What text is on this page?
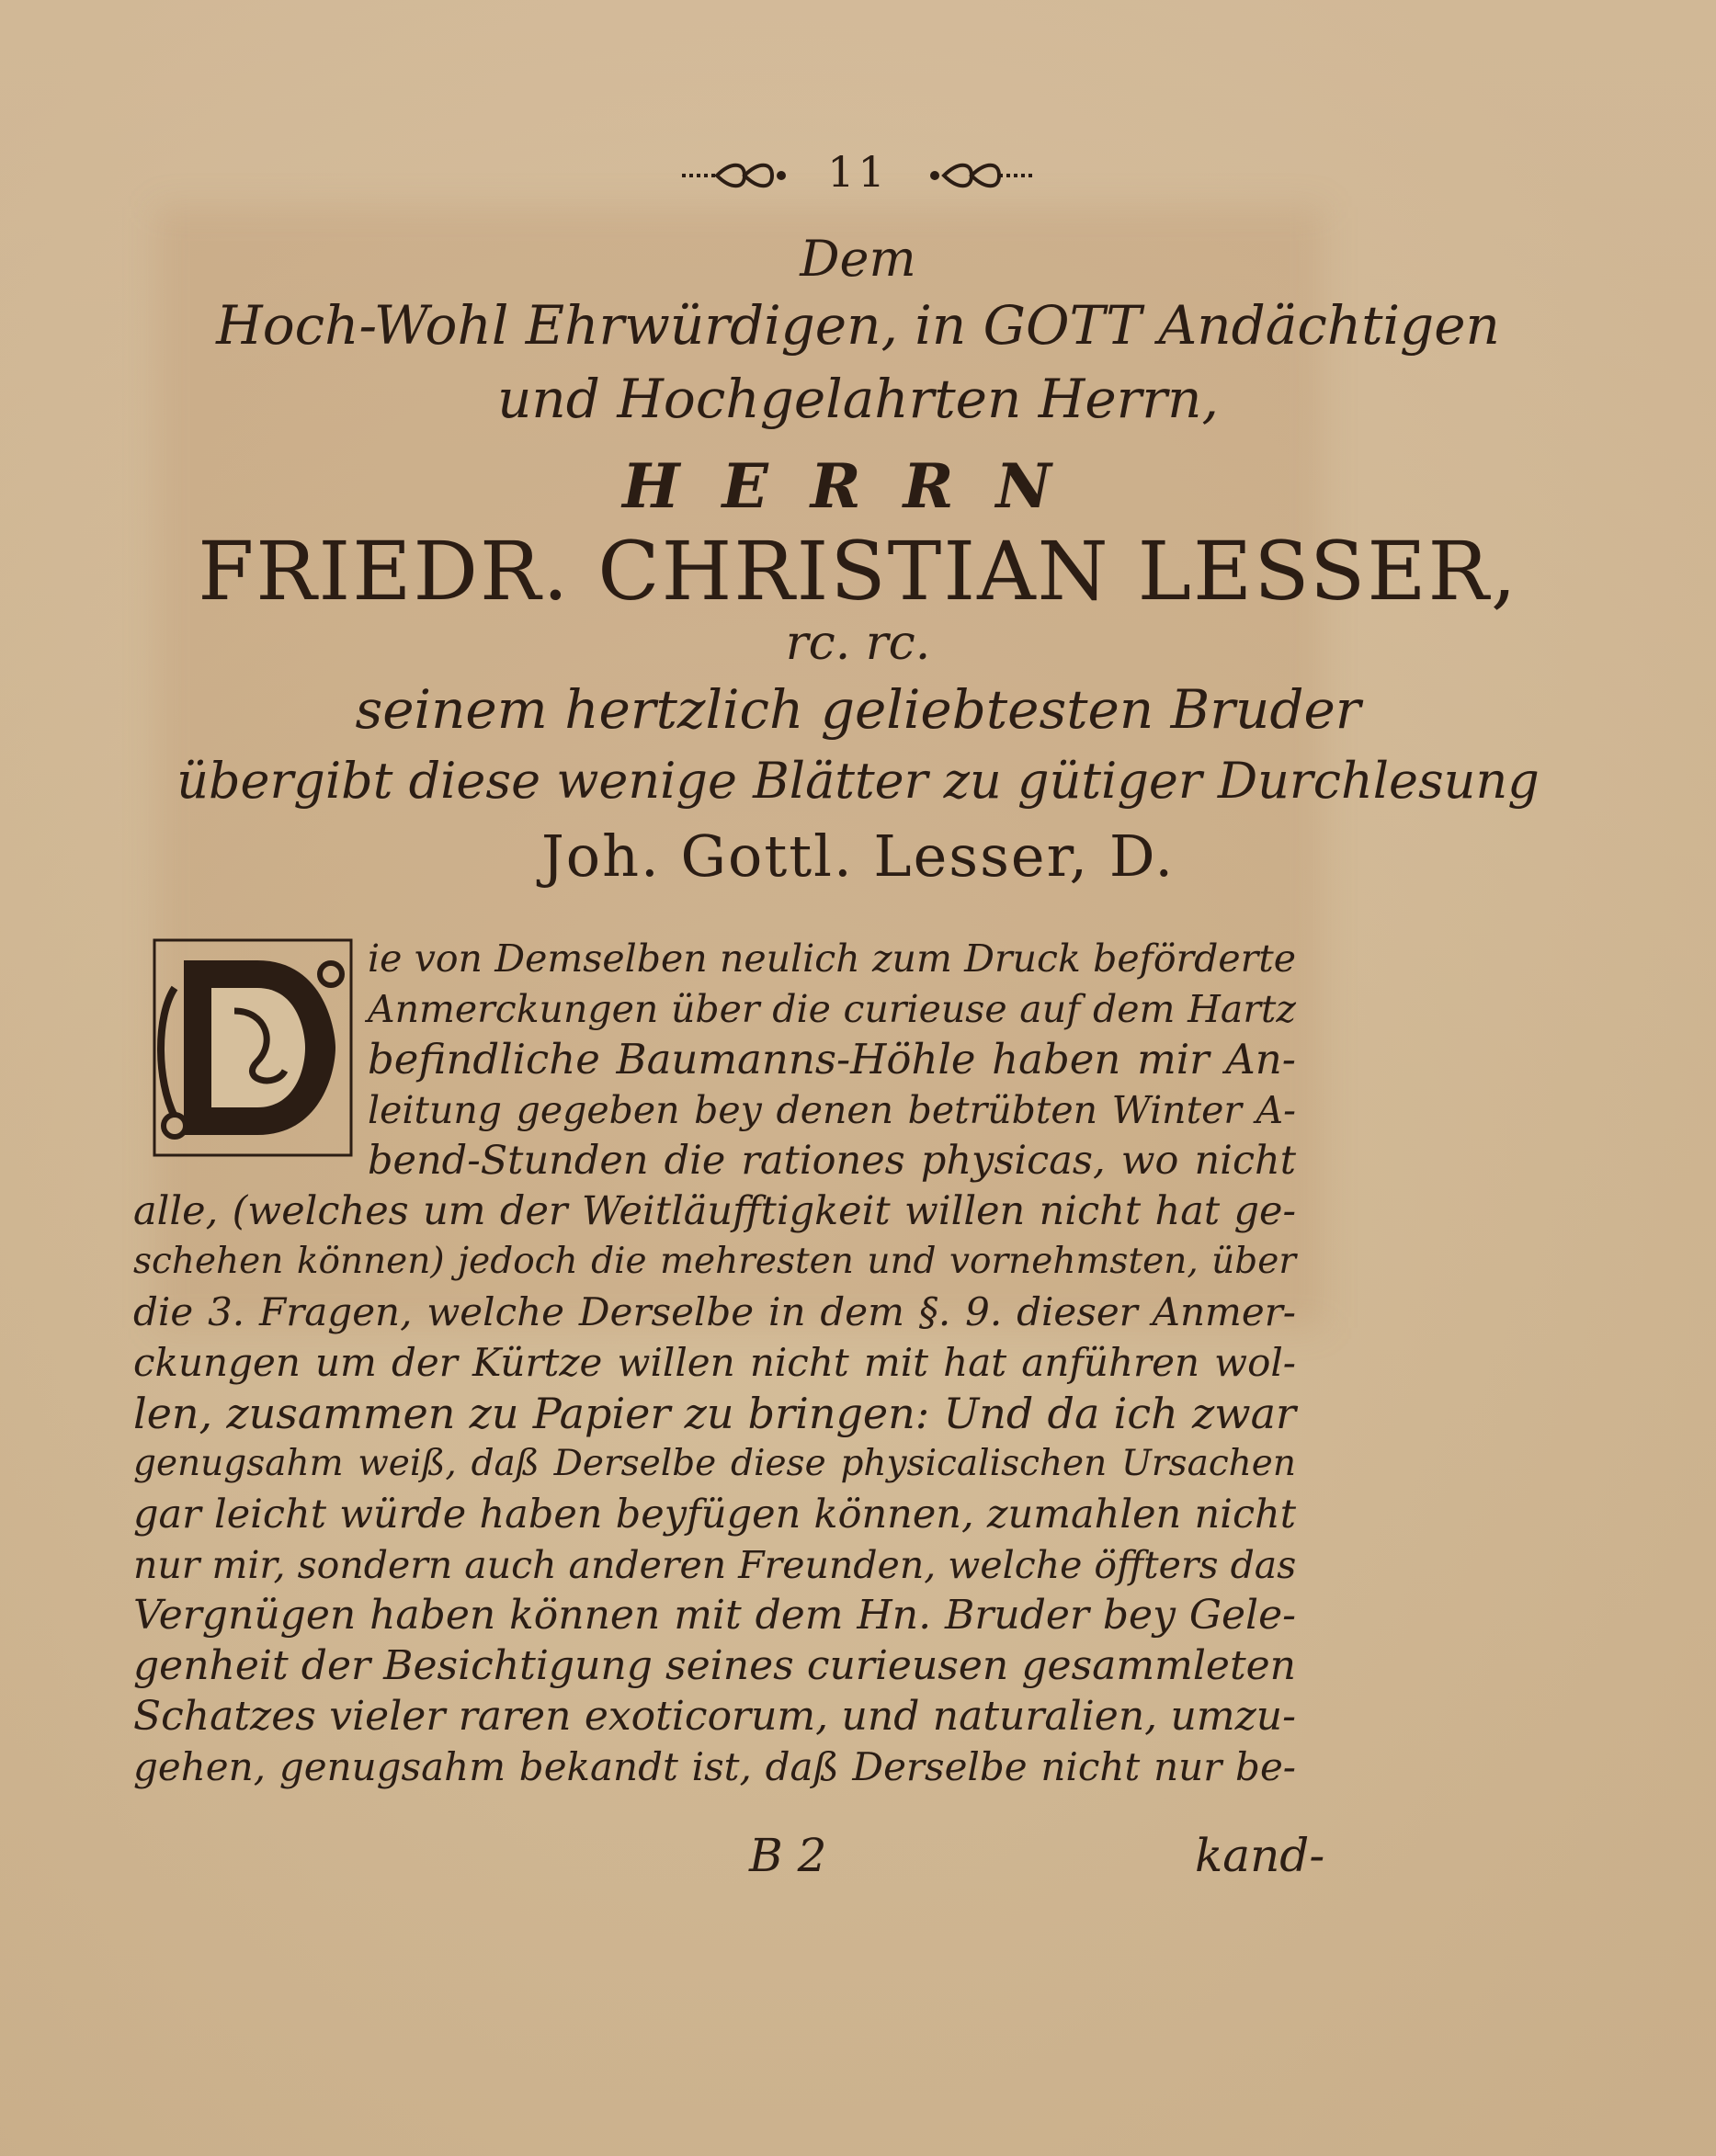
11
Dem
Hoch-Wohl Ehrwürdigen, in GOTT Andächtigen
und Hochgelahrten Herrn,
HERRN
FRIEDR. CHRISTIAN LESSER,
rc. rc.
seinem hertzlich geliebtesten Bruder
übergibt diese wenige Blätter zu gütiger Durchlesung
Joh. Gottl. Lesser, D.
ie von Demselben neulich zum Druck beförderte
Anmerckungen über die curieuse auf dem Hartz
befindliche Baumanns-Höhle haben mir An-
leitung gegeben bey denen betrübten Winter A-
bend-Stunden die rationes physicas, wo nicht
alle, (welches um der Weitläufftigkeit willen nicht hat ge-
schehen können) jedoch die mehresten und vornehmsten, über
die 3. Fragen, welche Derselbe in dem §. 9. dieser Anmer-
ckungen um der Kürtze willen nicht mit hat anführen wol-
len, zusammen zu Papier zu bringen: Und da ich zwar
genugsahm weiß, daß Derselbe diese physicalischen Ursachen
gar leicht würde haben beyfügen können, zumahlen nicht
nur mir, sondern auch anderen Freunden, welche öffters das
Vergnügen haben können mit dem Hn. Bruder bey Gele-
genheit der Besichtigung seines curieusen gesammleten
Schatzes vieler raren exoticorum, und naturalien, umzu-
gehen, genugsahm bekandt ist, daß Derselbe nicht nur be-
B 2	kand-
